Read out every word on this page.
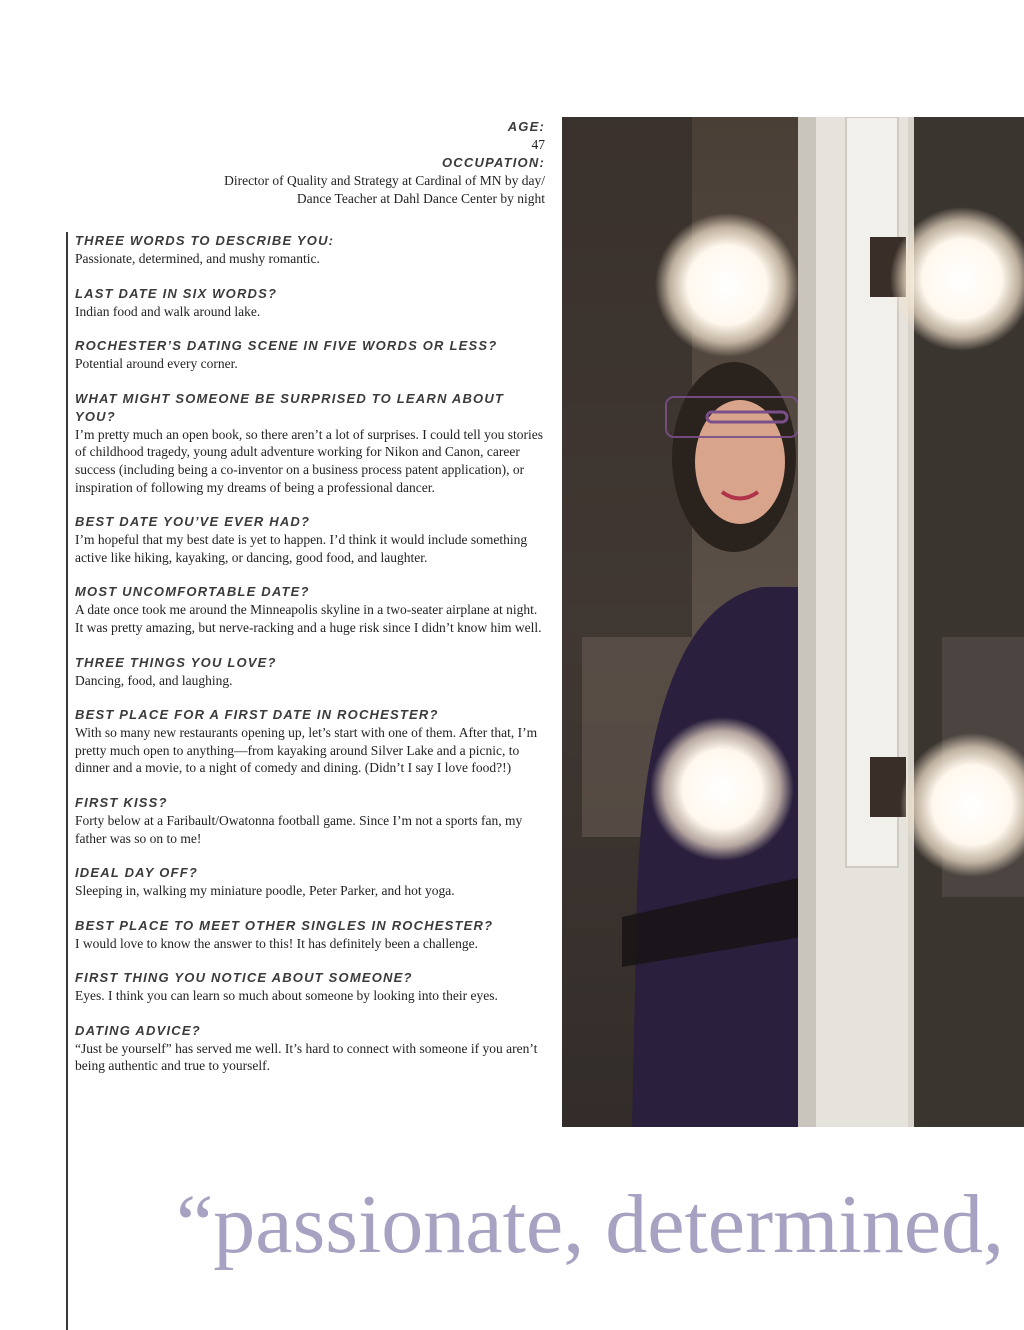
AGE:
47
OCCUPATION:
Director of Quality and Strategy at Cardinal of MN by day/
Dance Teacher at Dahl Dance Center by night
THREE WORDS TO DESCRIBE YOU:
Passionate, determined, and mushy romantic.
LAST DATE IN SIX WORDS?
Indian food and walk around lake.
ROCHESTER’S DATING SCENE IN FIVE WORDS OR LESS?
Potential around every corner.
WHAT MIGHT SOMEONE BE SURPRISED TO LEARN ABOUT YOU?
I’m pretty much an open book, so there aren’t a lot of surprises. I could tell you stories of childhood tragedy, young adult adventure working for Nikon and Canon, career success (including being a co-inventor on a business process patent application), or inspiration of following my dreams of being a professional dancer.
BEST DATE YOU’VE EVER HAD?
I’m hopeful that my best date is yet to happen. I’d think it would include something active like hiking, kayaking, or dancing, good food, and laughter.
MOST UNCOMFORTABLE DATE?
A date once took me around the Minneapolis skyline in a two-seater airplane at night. It was pretty amazing, but nerve-racking and a huge risk since I didn’t know him well.
THREE THINGS YOU LOVE?
Dancing, food, and laughing.
BEST PLACE FOR A FIRST DATE IN ROCHESTER?
With so many new restaurants opening up, let’s start with one of them. After that, I’m pretty much open to anything—from kayaking around Silver Lake and a picnic, to dinner and a movie, to a night of comedy and dining. (Didn’t I say I love food?!)
FIRST KISS?
Forty below at a Faribault/Owatonna football game. Since I’m not a sports fan, my father was so on to me!
IDEAL DAY OFF?
Sleeping in, walking my miniature poodle, Peter Parker, and hot yoga.
BEST PLACE TO MEET OTHER SINGLES IN ROCHESTER?
I would love to know the answer to this! It has definitely been a challenge.
FIRST THING YOU NOTICE ABOUT SOMEONE?
Eyes. I think you can learn so much about someone by looking into their eyes.
DATING ADVICE?
“Just be yourself” has served me well. It’s hard to connect with someone if you aren’t being authentic and true to yourself.
“passionate, determined,
